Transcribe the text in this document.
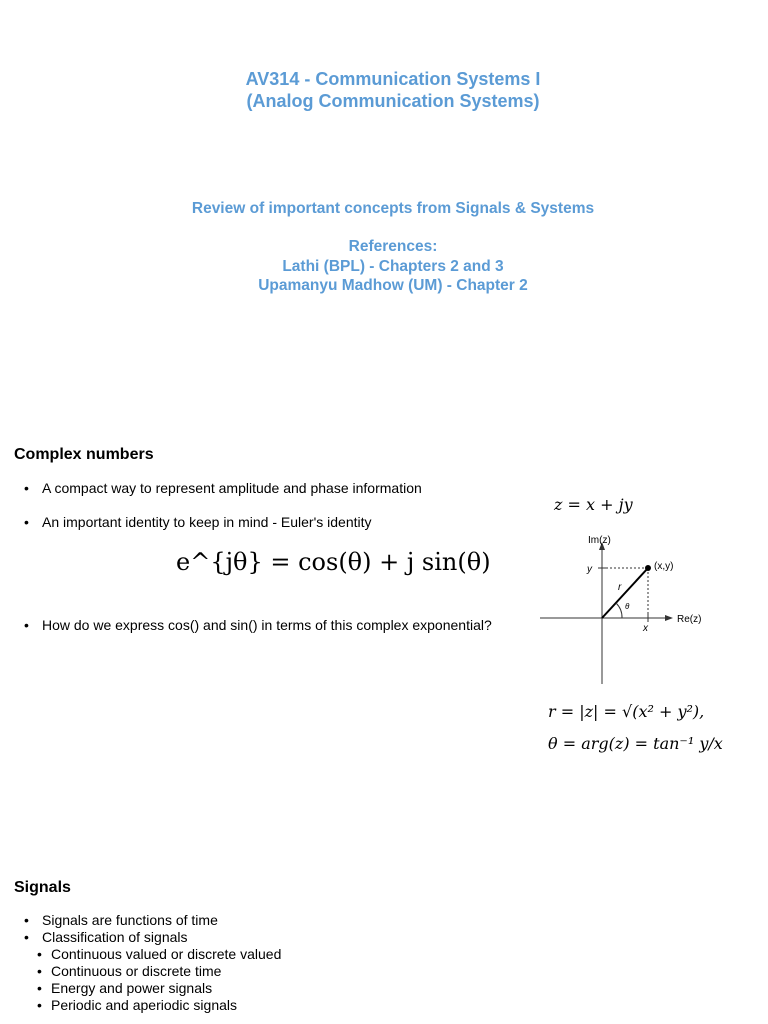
AV314 - Communication Systems I
(Analog Communication Systems)
Review of important concepts from Signals & Systems
References:
Lathi (BPL) - Chapters 2 and 3
Upamanyu Madhow (UM) - Chapter 2
Complex numbers
• A compact way to represent amplitude and phase information
• An important identity to keep in mind - Euler's identity
e^{jθ} = cos(θ) + j sin(θ)
• How do we express cos() and sin() in terms of this complex exponential?
z = x + jy
Im(z)
Re(z)
(x,y)
y
x
r
θ
r = |z| = √(x² + y²),
θ = arg(z) = tan⁻¹ y/x
Signals
• Signals are functions of time
• Classification of signals
• Continuous valued or discrete valued
• Continuous or discrete time
• Energy and power signals
• Periodic and aperiodic signals
